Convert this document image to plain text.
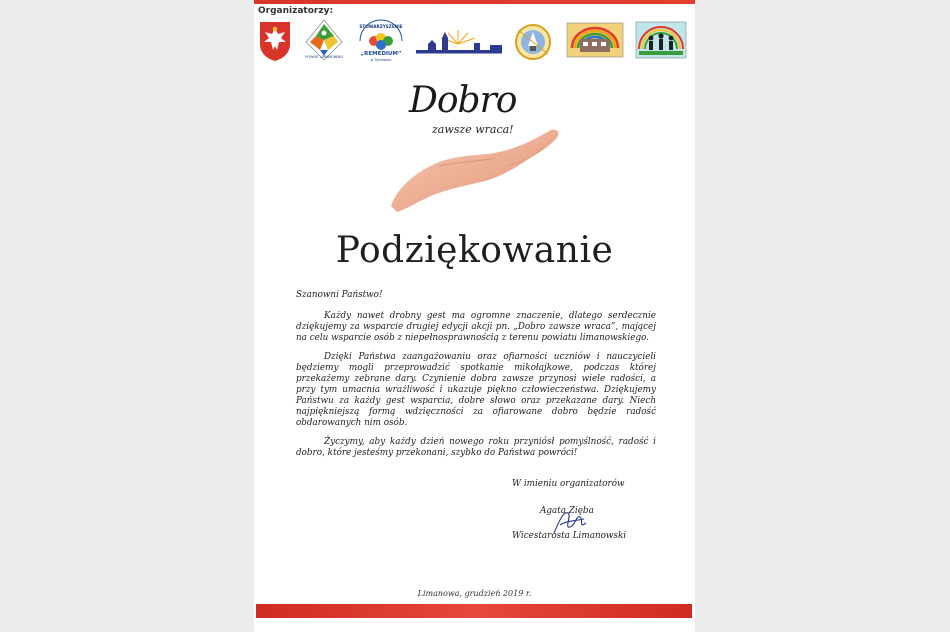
Organizatorzy:
POWIAT LIMANOWSKI
STOWARZYSZENIE
„REMEDIUM”
w Tymbarku
Dobro
zawsze wraca!
Podziękowanie

Szanowni Państwo!

Każdy nawet drobny gest ma ogromne znaczenie, dlatego serdecznie dziękujemy za wsparcie drugiej edycji akcji pn. „Dobro zawsze wraca”, mającej na celu wsparcie osób z niepełnosprawnością z terenu powiatu limanowskiego.

Dzięki Państwa zaangażowaniu oraz ofiarności uczniów i nauczycieli będziemy mogli przeprowadzić spotkanie mikołajkowe, podczas której przekażemy zebrane dary. Czynienie dobra zawsze przynosi wiele radości, a przy tym umacnia wrażliwość i ukazuje piękno człowieczeństwa. Dziękujemy Państwu za każdy gest wsparcia, dobre słowo oraz przekazane dary. Niech najpiękniejszą formą wdzięczności za ofiarowane dobro będzie radość obdarowanych nim osób.

Życzymy, aby każdy dzień nowego roku przyniósł pomyślność, radość i dobro, które jesteśmy przekonani, szybko do Państwa powróci!

W imieniu organizatorów
Agata Zięba
Wicestarosta Limanowski
Limanowa, grudzień 2019 r.
